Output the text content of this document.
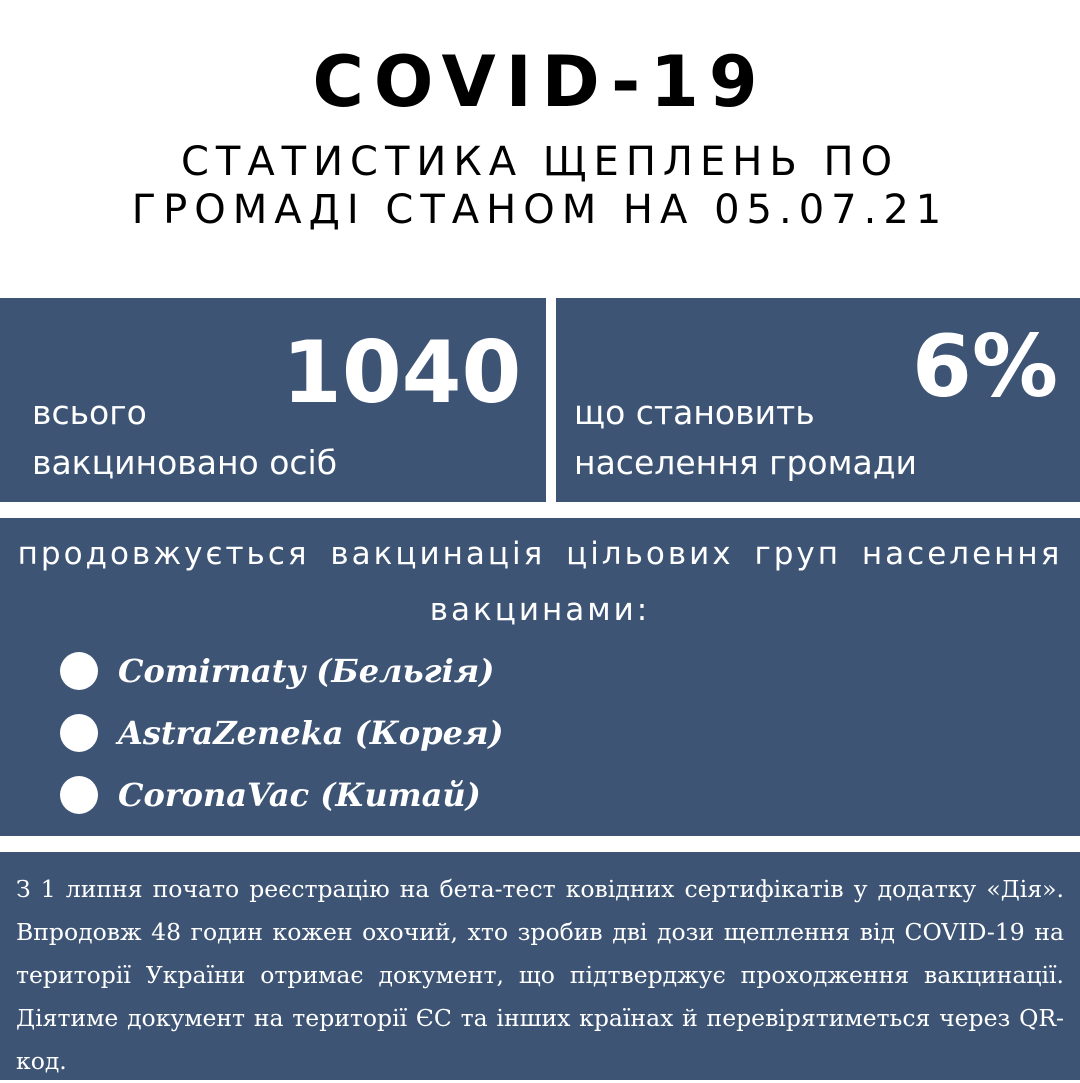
COVID-19
СТАТИСТИКА ЩЕПЛЕНЬ ПО ГРОМАДІ СТАНОМ НА 05.07.21
1040
всього
вакциновано осіб
6%
що становить
населення громади
продовжуєтьcя вакцинація цільових груп населення вакцинами:
Comirnaty (Бельгія)
AstraZeneka (Корея)
CoronaVac (Китай)
З 1 липня почато реєстрацію на бета-тест ковідних сертифікатів у додатку «Дія». Впродовж 48 годин кожен охочий, хто зробив дві дози щеплення від COVID-19 на території України отримає документ, що підтверджує проходження вакцинації. Діятиме документ на території ЄС та інших країнах й перевірятиметься через QR-код.
